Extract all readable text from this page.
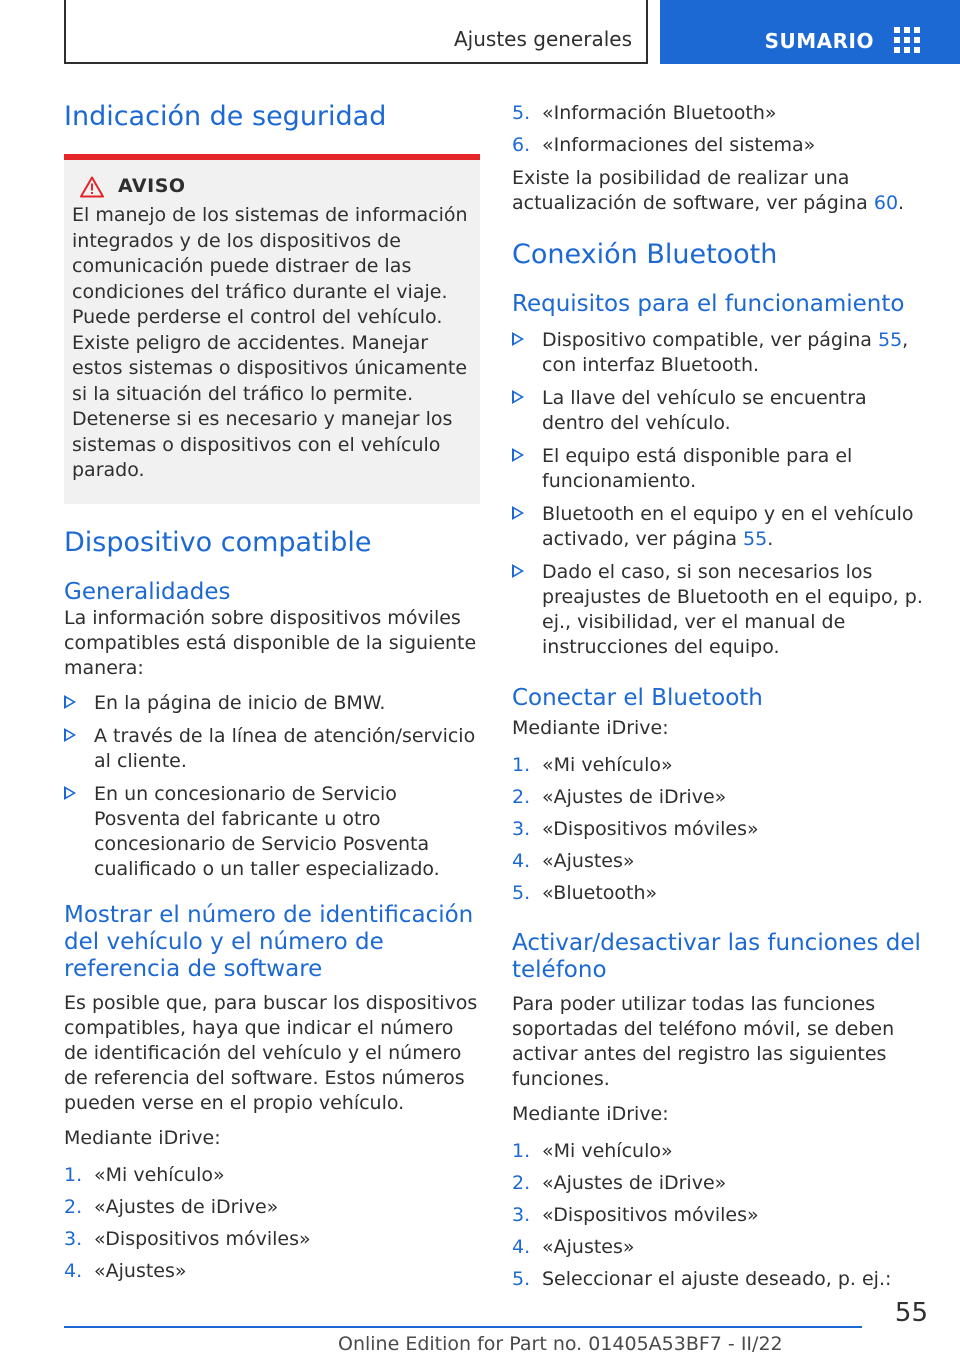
Ajustes generales	SUMARIO
Indicación de seguridad
AVISO

El manejo de los sistemas de información integrados y de los dispositivos de comunicación puede distraer de las condiciones del tráfico durante el viaje. Puede perderse el control del vehículo. Existe peligro de accidentes. Manejar estos sistemas o dispositivos únicamente si la situación del tráfico lo permite. Detenerse si es necesario y manejar los sistemas o dispositivos con el vehículo parado.

Dispositivo compatible
Generalidades

La información sobre dispositivos móviles compatibles está disponible de la siguiente manera:

En la página de inicio de BMW.
A través de la línea de atención/servicio al cliente.
En un concesionario de Servicio Posventa del fabricante u otro concesionario de Servicio Posventa cualificado o un taller especializado.
Mostrar el número de identificación del vehículo y el número de referencia de software

Es posible que, para buscar los dispositivos compatibles, haya que indicar el número de identificación del vehículo y el número de referencia del software. Estos números pueden verse en el propio vehículo.

Mediante iDrive:

1. «Mi vehículo»
2. «Ajustes de iDrive»
3. «Dispositivos móviles»
4. «Ajustes»
5. «Información Bluetooth»
6. «Informaciones del sistema»

Existe la posibilidad de realizar una actualización de software, ver página 60.

Conexión Bluetooth
Requisitos para el funcionamiento
Dispositivo compatible, ver página 55, con interfaz Bluetooth.
La llave del vehículo se encuentra dentro del vehículo.
El equipo está disponible para el funcionamiento.
Bluetooth en el equipo y en el vehículo activado, ver página 55.
Dado el caso, si son necesarios los preajustes de Bluetooth en el equipo, p. ej., visibilidad, ver el manual de instrucciones del equipo.
Conectar el Bluetooth

Mediante iDrive:

1. «Mi vehículo»
2. «Ajustes de iDrive»
3. «Dispositivos móviles»
4. «Ajustes»
5. «Bluetooth»
Activar/desactivar las funciones del teléfono

Para poder utilizar todas las funciones soportadas del teléfono móvil, se deben activar antes del registro las siguientes funciones.

Mediante iDrive:

1. «Mi vehículo»
2. «Ajustes de iDrive»
3. «Dispositivos móviles»
4. «Ajustes»
5. Seleccionar el ajuste deseado, p. ej.:
55
Online Edition for Part no. 01405A53BF7 - II/22
